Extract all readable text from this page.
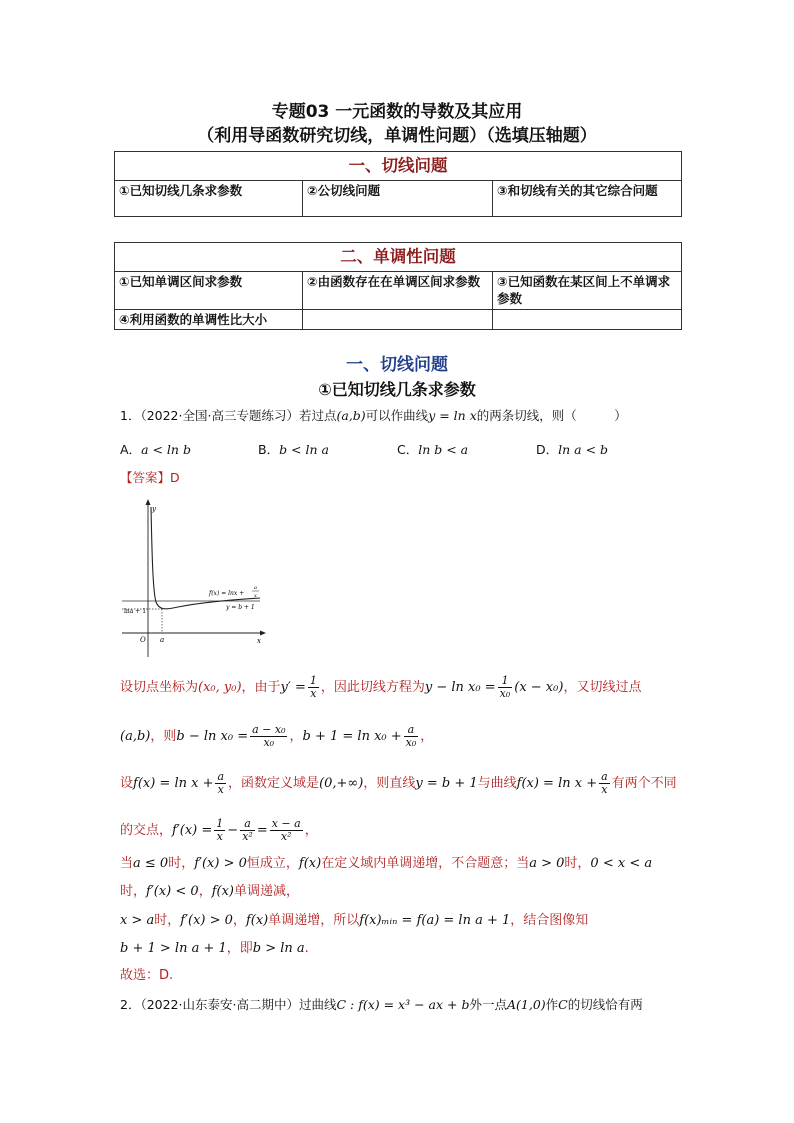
专题03 一元函数的导数及其应用
（利用导函数研究切线，单调性问题）（选填压轴题）
一、切线问题
①已知切线几条求参数	②公切线问题	③和切线有关的其它综合问题
二、单调性问题		
①已知单调区间求参数	②由函数存在在单调区间求参数	③已知函数在某区间上不单调求参数
④利用函数的单调性比大小		
一、切线问题
①已知切线几条求参数
1．（2022·全国·高三专题练习）若过点(a,b)可以作曲线y = ln x的两条切线，则（　　　）
A．a < ln b	B．b < ln a	C．ln b < a	D．ln a < b
【答案】D
y
x
O
lna + 1
a
f(x) = lnx +
a
x
y = b + 1
设切点坐标为(x₀, y₀)，由于$y' = \frac{1}{x}$ ，因此切线方程为$y - \ln x_0 = \frac{1}{\text{x₀}} (x - x_0)$，又切线过点
(a,b)，则$b - \ln x_0 = \frac{\text{a − x₀}}{\text{x₀}}$ ，$b + 1 = \ln x_0 + \frac{a}{\text{x₀}}$ ，
设$f(x) = \ln x + \frac{a}{x}$ ，函数定义域是(0,+∞)，则直线y = b + 1与曲线$f(x) = \ln x + \frac{a}{x}$ 有两个不同
的交点，$f'(x) = \frac{1}{x} - \frac{a}{\text{x²}} = \frac{x - a}{\text{x²}}$ ，
当a ≤ 0时，f′(x) > 0恒成立，f(x)在定义域内单调递增，不合题意；当a > 0时，0 < x < a
时，f′(x) < 0，f(x)单调递减，
x > a时，f′(x) > 0，f(x)单调递增，所以f(x)ₘᵢₙ = f(a) = ln a + 1，结合图像知
b + 1 > ln a + 1，即b > ln a.
故选：D.
2．（2022·山东泰安·高二期中）过曲线C : f(x) = x³ − ax + b外一点A(1,0)作C的切线恰有两
